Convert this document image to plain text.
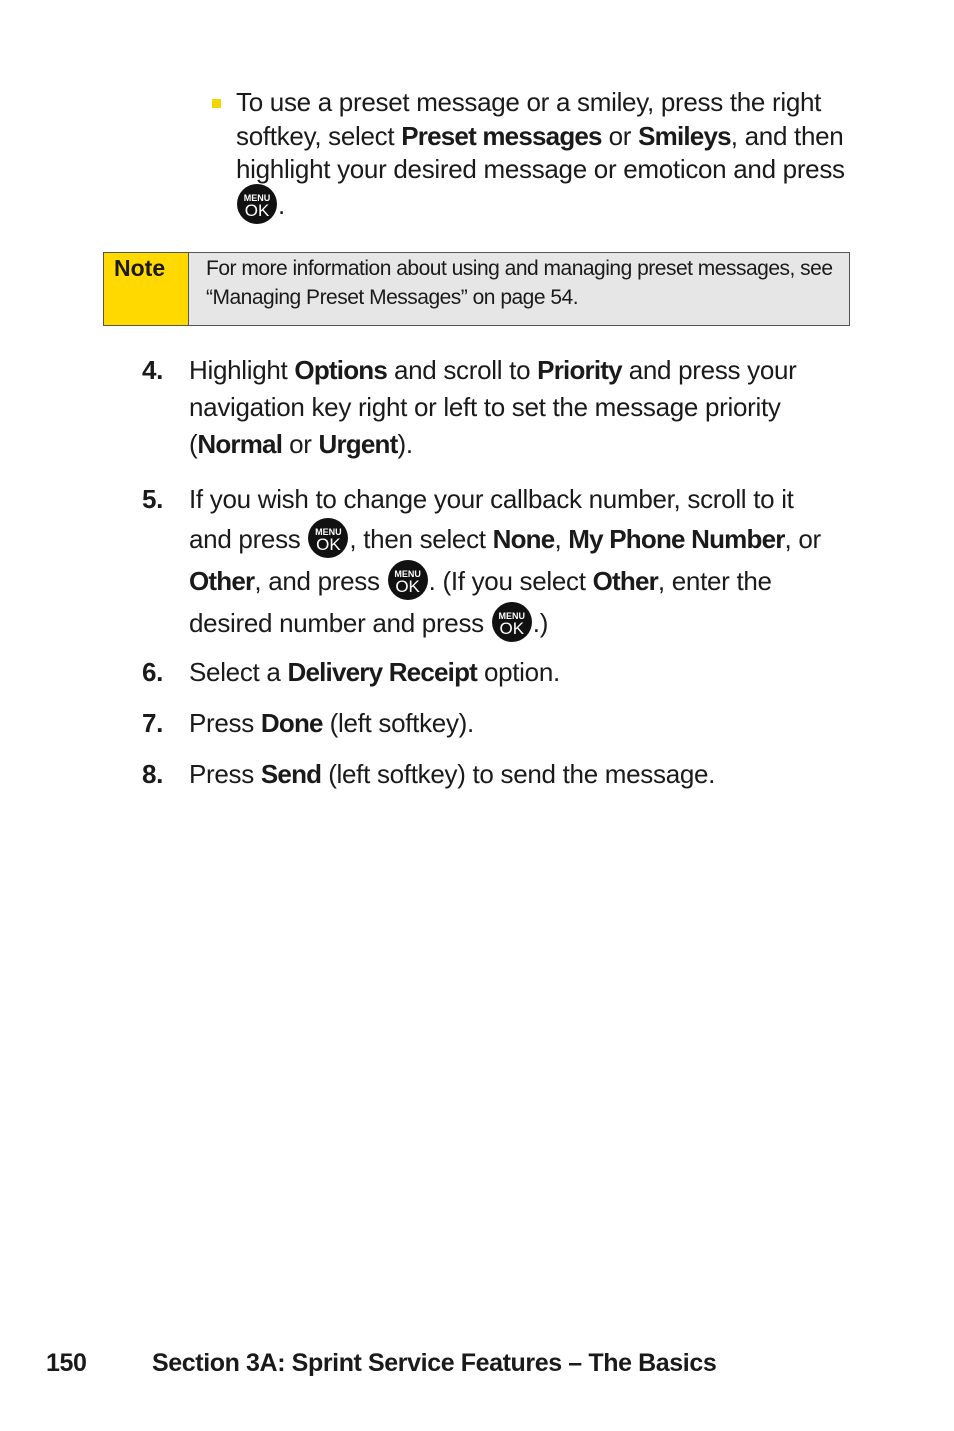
To use a preset message or a smiley, press the right softkey, select Preset messages or Smileys, and then highlight your desired message or emoticon and press
MENU
OK .
Note	For more information about using and managing preset messages, see “Managing Preset Messages” on page 54.
4. Highlight Options and scroll to Priority and press your navigation key right or left to set the message priority (Normal or Urgent).
5. If you wish to change your callback number, scroll to it and press MENU
OK , then select None, My Phone Number, or Other, and press MENU
OK . (If you select Other, enter the desired number and press MENU
OK .)
6. Select a Delivery Receipt option.
7. Press Done (left softkey).
8. Press Send (left softkey) to send the message.
150	Section 3A: Sprint Service Features – The Basics
